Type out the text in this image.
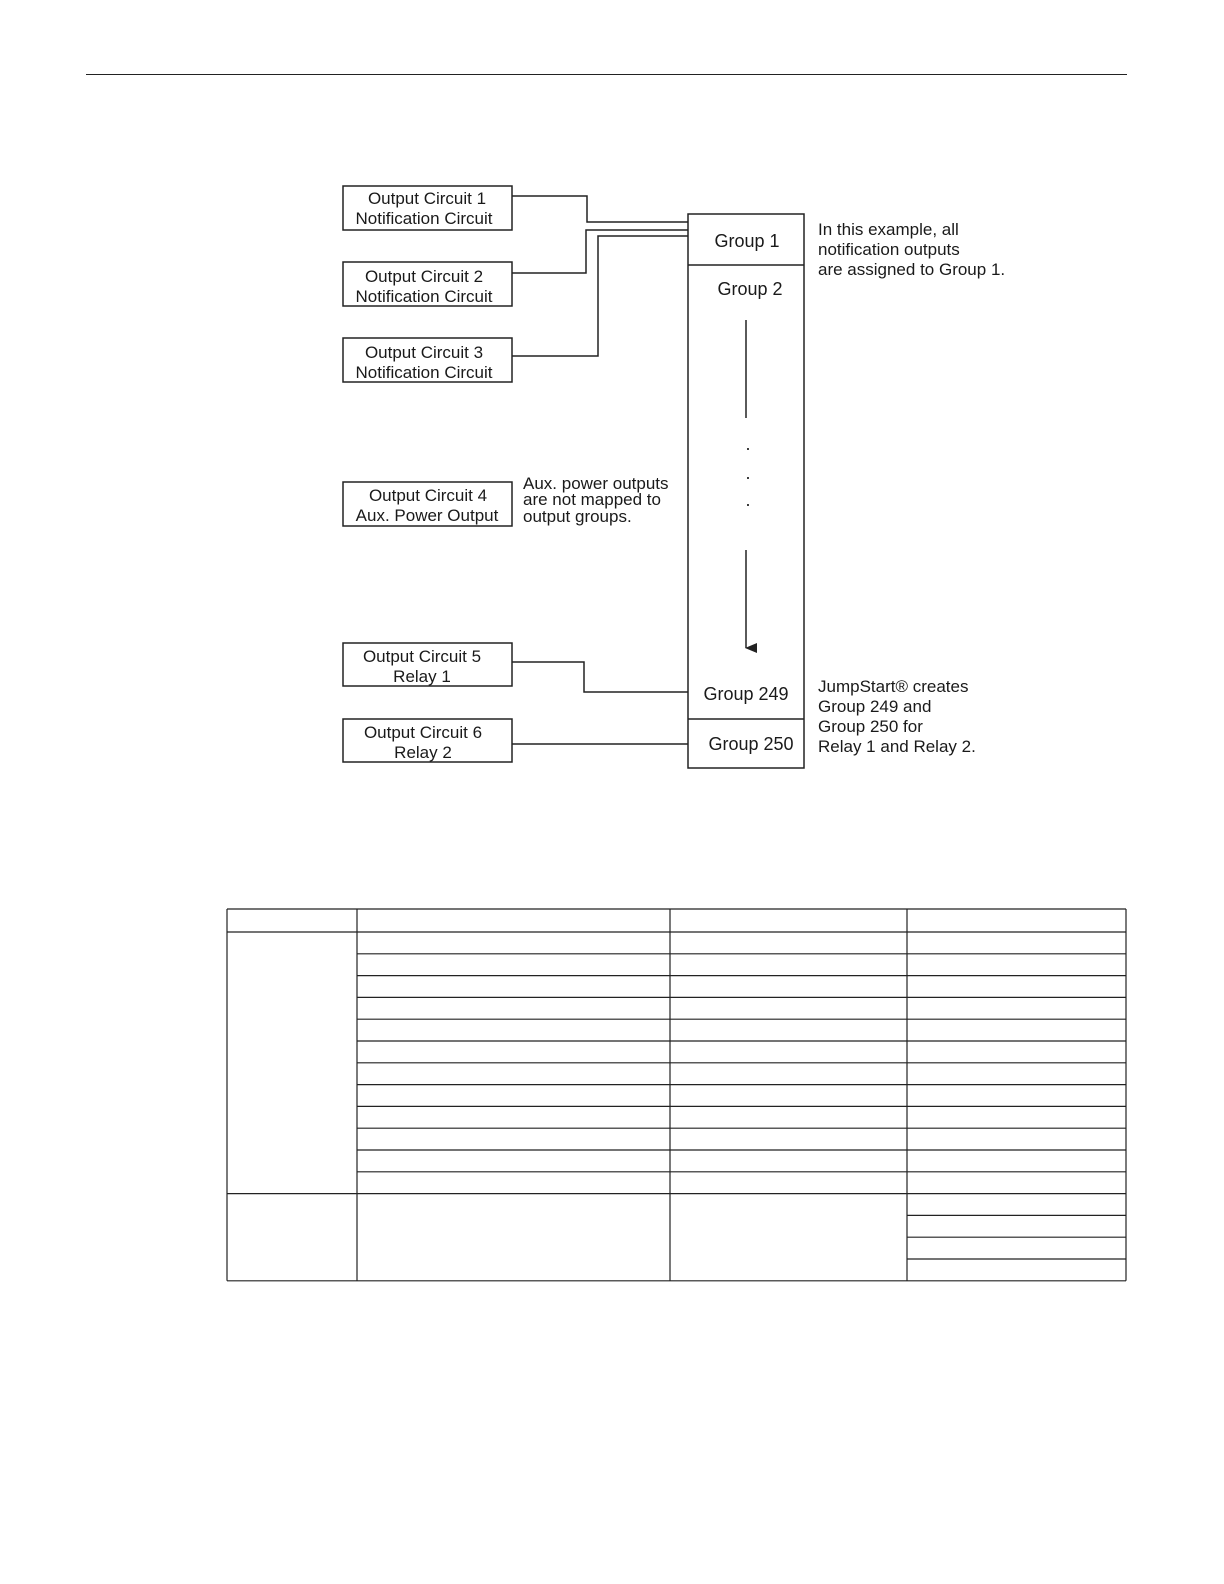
Output Circuit 1
Notification Circuit
Output Circuit 2
Notification Circuit
Output Circuit 3
Notification Circuit
Output Circuit 4
Aux. Power Output
Output Circuit 5
Relay 1
Output Circuit 6
Relay 2
Group 1
Group 2
·
·
·
Group 249
Group 250
In this example, all
notification outputs
are assigned to Group 1.
Aux. power outputs
are not mapped to
output groups.
JumpStart® creates
Group 249 and
Group 250 for
Relay 1 and Relay 2.
